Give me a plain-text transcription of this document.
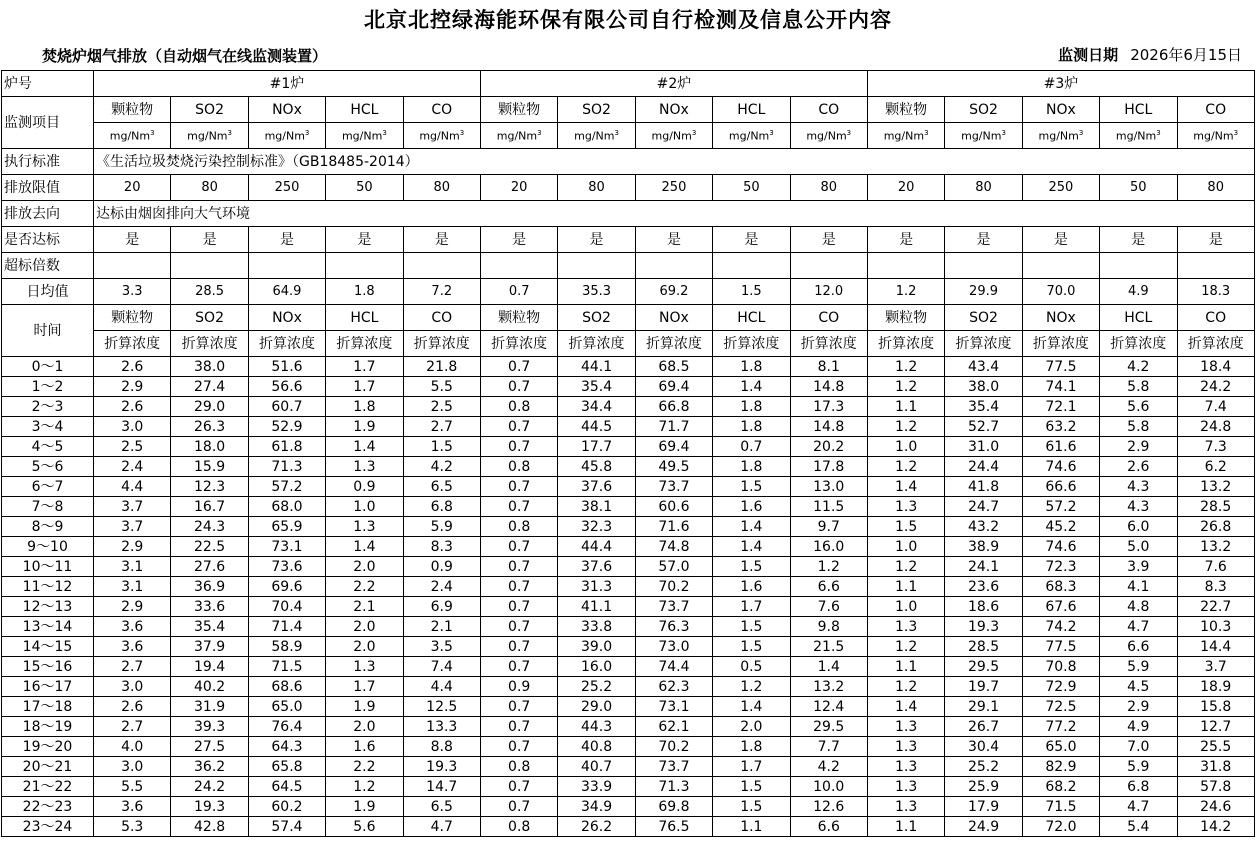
北京北控绿海能环保有限公司自行检测及信息公开内容
焚烧炉烟气排放（自动烟气在线监测装置）	监测日期 2026年6月15日
炉号	#1炉					#2炉					#3炉				
监测项目	颗粒物	SO2	NOx	HCL	CO	颗粒物	SO2	NOx	HCL	CO	颗粒物	SO2	NOx	HCL	CO
	mg/Nm$^3$	mg/Nm$^3$	mg/Nm$^3$	mg/Nm$^3$	mg/Nm$^3$	mg/Nm$^3$	mg/Nm$^3$	mg/Nm$^3$	mg/Nm$^3$	mg/Nm$^3$	mg/Nm$^3$	mg/Nm$^3$	mg/Nm$^3$	mg/Nm$^3$	mg/Nm$^3$
执行标准	《生活垃圾焚烧污染控制标准》（GB18485-2014）														
排放限值	20	80	250	50	80	20	80	250	50	80	20	80	250	50	80
排放去向	达标由烟囱排向大气环境														
是否达标	是	是	是	是	是	是	是	是	是	是	是	是	是	是	是
超标倍数															
日均值	3.3	28.5	64.9	1.8	7.2	0.7	35.3	69.2	1.5	12.0	1.2	29.9	70.0	4.9	18.3
时间	颗粒物	SO2	NOx	HCL	CO	颗粒物	SO2	NOx	HCL	CO	颗粒物	SO2	NOx	HCL	CO
	折算浓度	折算浓度	折算浓度	折算浓度	折算浓度	折算浓度	折算浓度	折算浓度	折算浓度	折算浓度	折算浓度	折算浓度	折算浓度	折算浓度	折算浓度
0～1	2.6	38.0	51.6	1.7	21.8	0.7	44.1	68.5	1.8	8.1	1.2	43.4	77.5	4.2	18.4
1～2	2.9	27.4	56.6	1.7	5.5	0.7	35.4	69.4	1.4	14.8	1.2	38.0	74.1	5.8	24.2
2～3	2.6	29.0	60.7	1.8	2.5	0.8	34.4	66.8	1.8	17.3	1.1	35.4	72.1	5.6	7.4
3～4	3.0	26.3	52.9	1.9	2.7	0.7	44.5	71.7	1.8	14.8	1.2	52.7	63.2	5.8	24.8
4～5	2.5	18.0	61.8	1.4	1.5	0.7	17.7	69.4	0.7	20.2	1.0	31.0	61.6	2.9	7.3
5～6	2.4	15.9	71.3	1.3	4.2	0.8	45.8	49.5	1.8	17.8	1.2	24.4	74.6	2.6	6.2
6～7	4.4	12.3	57.2	0.9	6.5	0.7	37.6	73.7	1.5	13.0	1.4	41.8	66.6	4.3	13.2
7～8	3.7	16.7	68.0	1.0	6.8	0.7	38.1	60.6	1.6	11.5	1.3	24.7	57.2	4.3	28.5
8～9	3.7	24.3	65.9	1.3	5.9	0.8	32.3	71.6	1.4	9.7	1.5	43.2	45.2	6.0	26.8
9～10	2.9	22.5	73.1	1.4	8.3	0.7	44.4	74.8	1.4	16.0	1.0	38.9	74.6	5.0	13.2
10～11	3.1	27.6	73.6	2.0	0.9	0.7	37.6	57.0	1.5	1.2	1.2	24.1	72.3	3.9	7.6
11～12	3.1	36.9	69.6	2.2	2.4	0.7	31.3	70.2	1.6	6.6	1.1	23.6	68.3	4.1	8.3
12～13	2.9	33.6	70.4	2.1	6.9	0.7	41.1	73.7	1.7	7.6	1.0	18.6	67.6	4.8	22.7
13～14	3.6	35.4	71.4	2.0	2.1	0.7	33.8	76.3	1.5	9.8	1.3	19.3	74.2	4.7	10.3
14～15	3.6	37.9	58.9	2.0	3.5	0.7	39.0	73.0	1.5	21.5	1.2	28.5	77.5	6.6	14.4
15～16	2.7	19.4	71.5	1.3	7.4	0.7	16.0	74.4	0.5	1.4	1.1	29.5	70.8	5.9	3.7
16～17	3.0	40.2	68.6	1.7	4.4	0.9	25.2	62.3	1.2	13.2	1.2	19.7	72.9	4.5	18.9
17～18	2.6	31.9	65.0	1.9	12.5	0.7	29.0	73.1	1.4	12.4	1.4	29.1	72.5	2.9	15.8
18～19	2.7	39.3	76.4	2.0	13.3	0.7	44.3	62.1	2.0	29.5	1.3	26.7	77.2	4.9	12.7
19～20	4.0	27.5	64.3	1.6	8.8	0.7	40.8	70.2	1.8	7.7	1.3	30.4	65.0	7.0	25.5
20～21	3.0	36.2	65.8	2.2	19.3	0.8	40.7	73.7	1.7	4.2	1.3	25.2	82.9	5.9	31.8
21～22	5.5	24.2	64.5	1.2	14.7	0.7	33.9	71.3	1.5	10.0	1.3	25.9	68.2	6.8	57.8
22～23	3.6	19.3	60.2	1.9	6.5	0.7	34.9	69.8	1.5	12.6	1.3	17.9	71.5	4.7	24.6
23～24	5.3	42.8	57.4	5.6	4.7	0.8	26.2	76.5	1.1	6.6	1.1	24.9	72.0	5.4	14.2
